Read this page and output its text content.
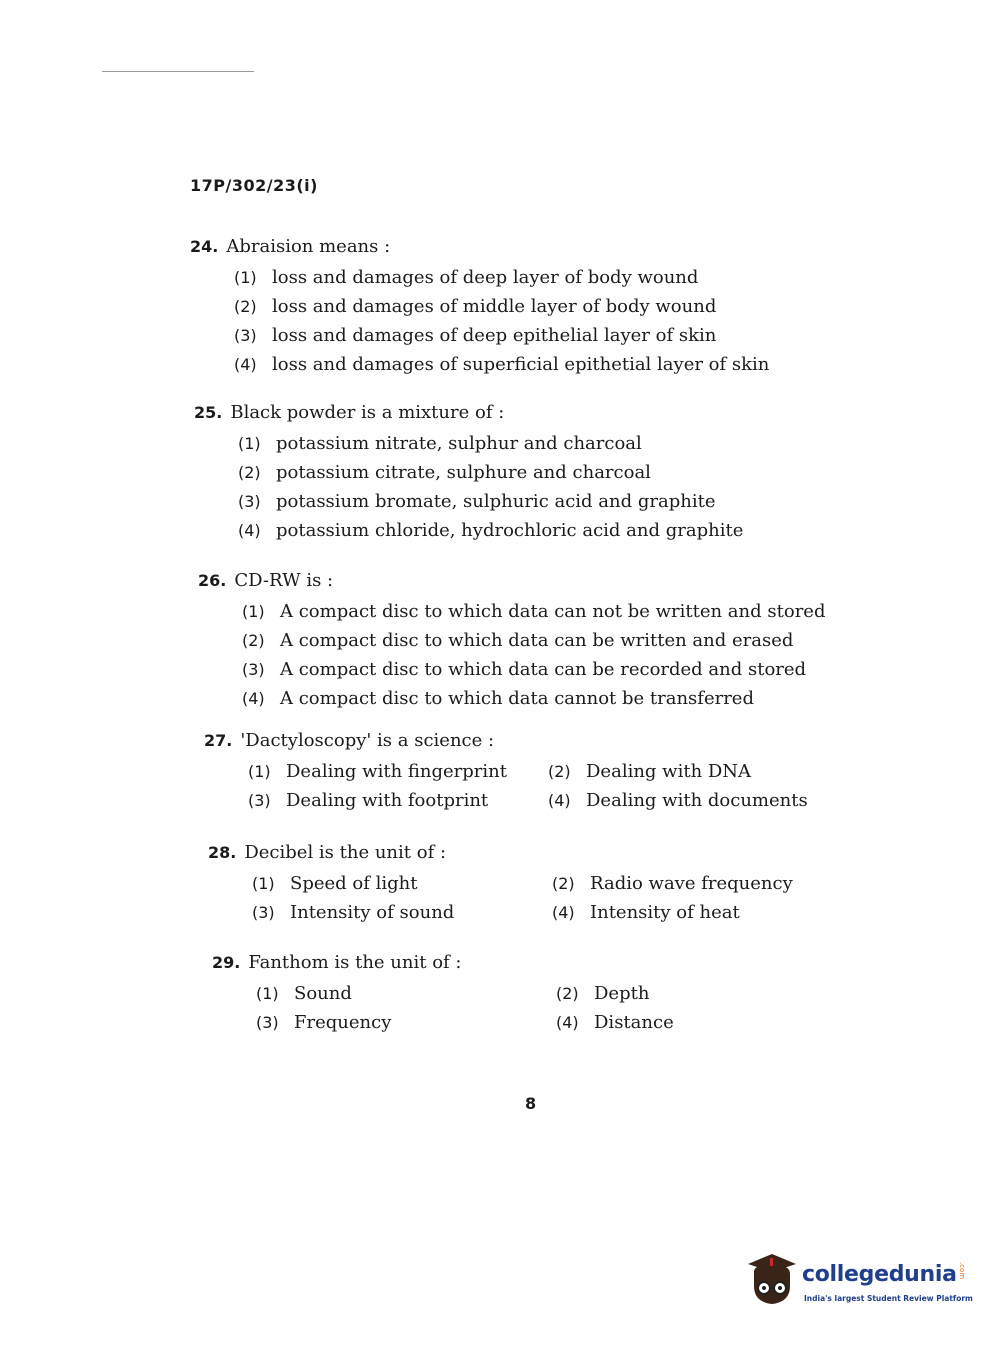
17P/302/23(i)
24. Abraision means :
(1) loss and damages of deep layer of body wound
(2) loss and damages of middle layer of body wound
(3) loss and damages of deep epithelial layer of skin
(4) loss and damages of superficial epithetial layer of skin
25. Black powder is a mixture of :
(1) potassium nitrate, sulphur and charcoal
(2) potassium citrate, sulphure and charcoal
(3) potassium bromate, sulphuric acid and graphite
(4) potassium chloride, hydrochloric acid and graphite
26. CD-RW is :
(1) A compact disc to which data can not be written and stored
(2) A compact disc to which data can be written and erased
(3) A compact disc to which data can be recorded and stored
(4) A compact disc to which data cannot be transferred
27. 'Dactyloscopy' is a science :
(1) Dealing with fingerprint	(2) Dealing with DNA
(3) Dealing with footprint	(4) Dealing with documents
28. Decibel is the unit of :
(1) Speed of light	(2) Radio wave frequency
(3) Intensity of sound	(4) Intensity of heat
29. Fanthom is the unit of :
(1) Sound	(2) Depth
(3) Frequency	(4) Distance
8
collegedunia .com
India's largest Student Review Platform
